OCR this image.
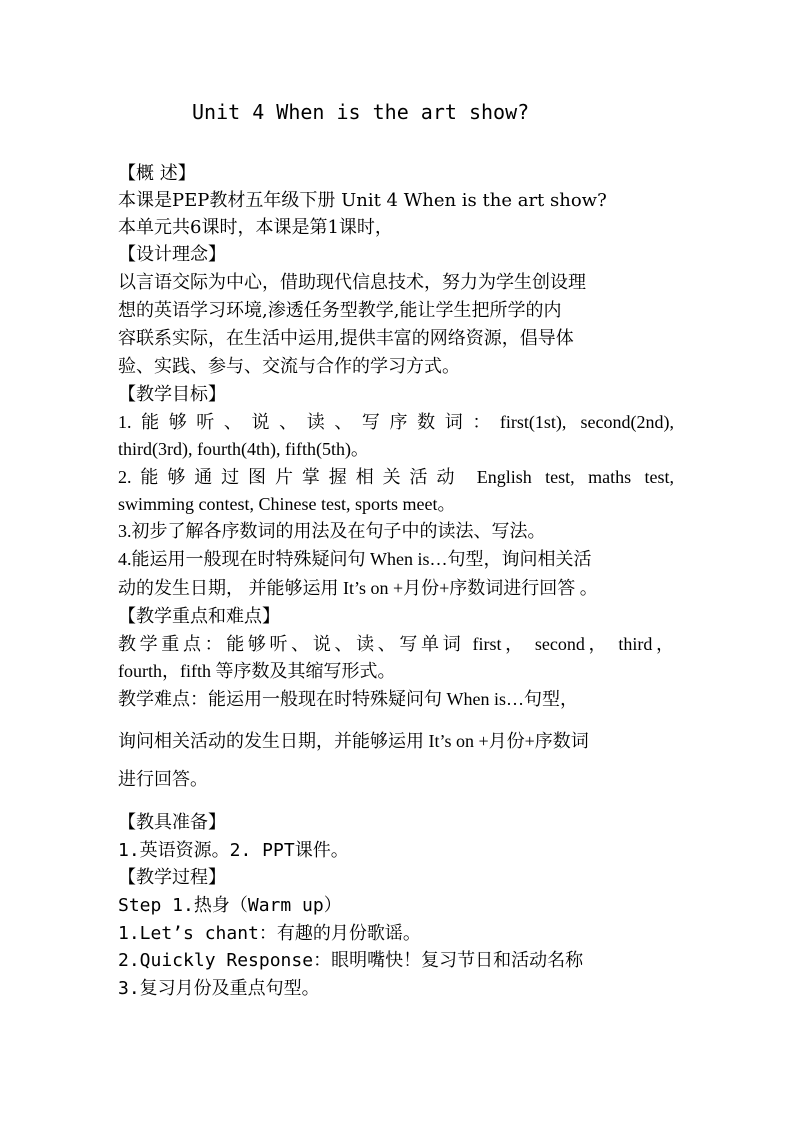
Unit 4 When is the art show?
【概 述】
本课是PEP教材五年级下册 Unit 4 When is the art show?
本单元共6课时，本课是第1课时，
【设计理念】
以言语交际为中心，借助现代信息技术，努力为学生创设理
想的英语学习环境,渗透任务型教学,能让学生把所学的内
容联系实际，在生活中运用,提供丰富的网络资源，倡导体
验、实践、参与、交流与合作的学习方式。
【教学目标】
1.能够听、说、读、写序数词：first(1st), second(2nd),
third(3rd), fourth(4th), fifth(5th)。
2.能够通过图片掌握相关活动 English test, maths test,
swimming contest, Chinese test, sports meet。
3.初步了解各序数词的用法及在句子中的读法、写法。
4.能运用一般现在时特殊疑问句 When is…句型，询问相关活
动的发生日期， 并能够运用 It’s on +月份+序数词进行回答 。
【教学重点和难点】
教学重点：能够听、说、读、写单词 first， second， third，
fourth，fifth 等序数及其缩写形式。
教学难点：能运用一般现在时特殊疑问句 When is…句型，
询问相关活动的发生日期，并能够运用 It’s on +月份+序数词
进行回答。
【教具准备】
1.英语资源。2. PPT课件。
【教学过程】
Step 1.热身（Warm up）
1.Let’s chant：有趣的月份歌谣。
2.Quickly Response：眼明嘴快！复习节日和活动名称
3.复习月份及重点句型。
